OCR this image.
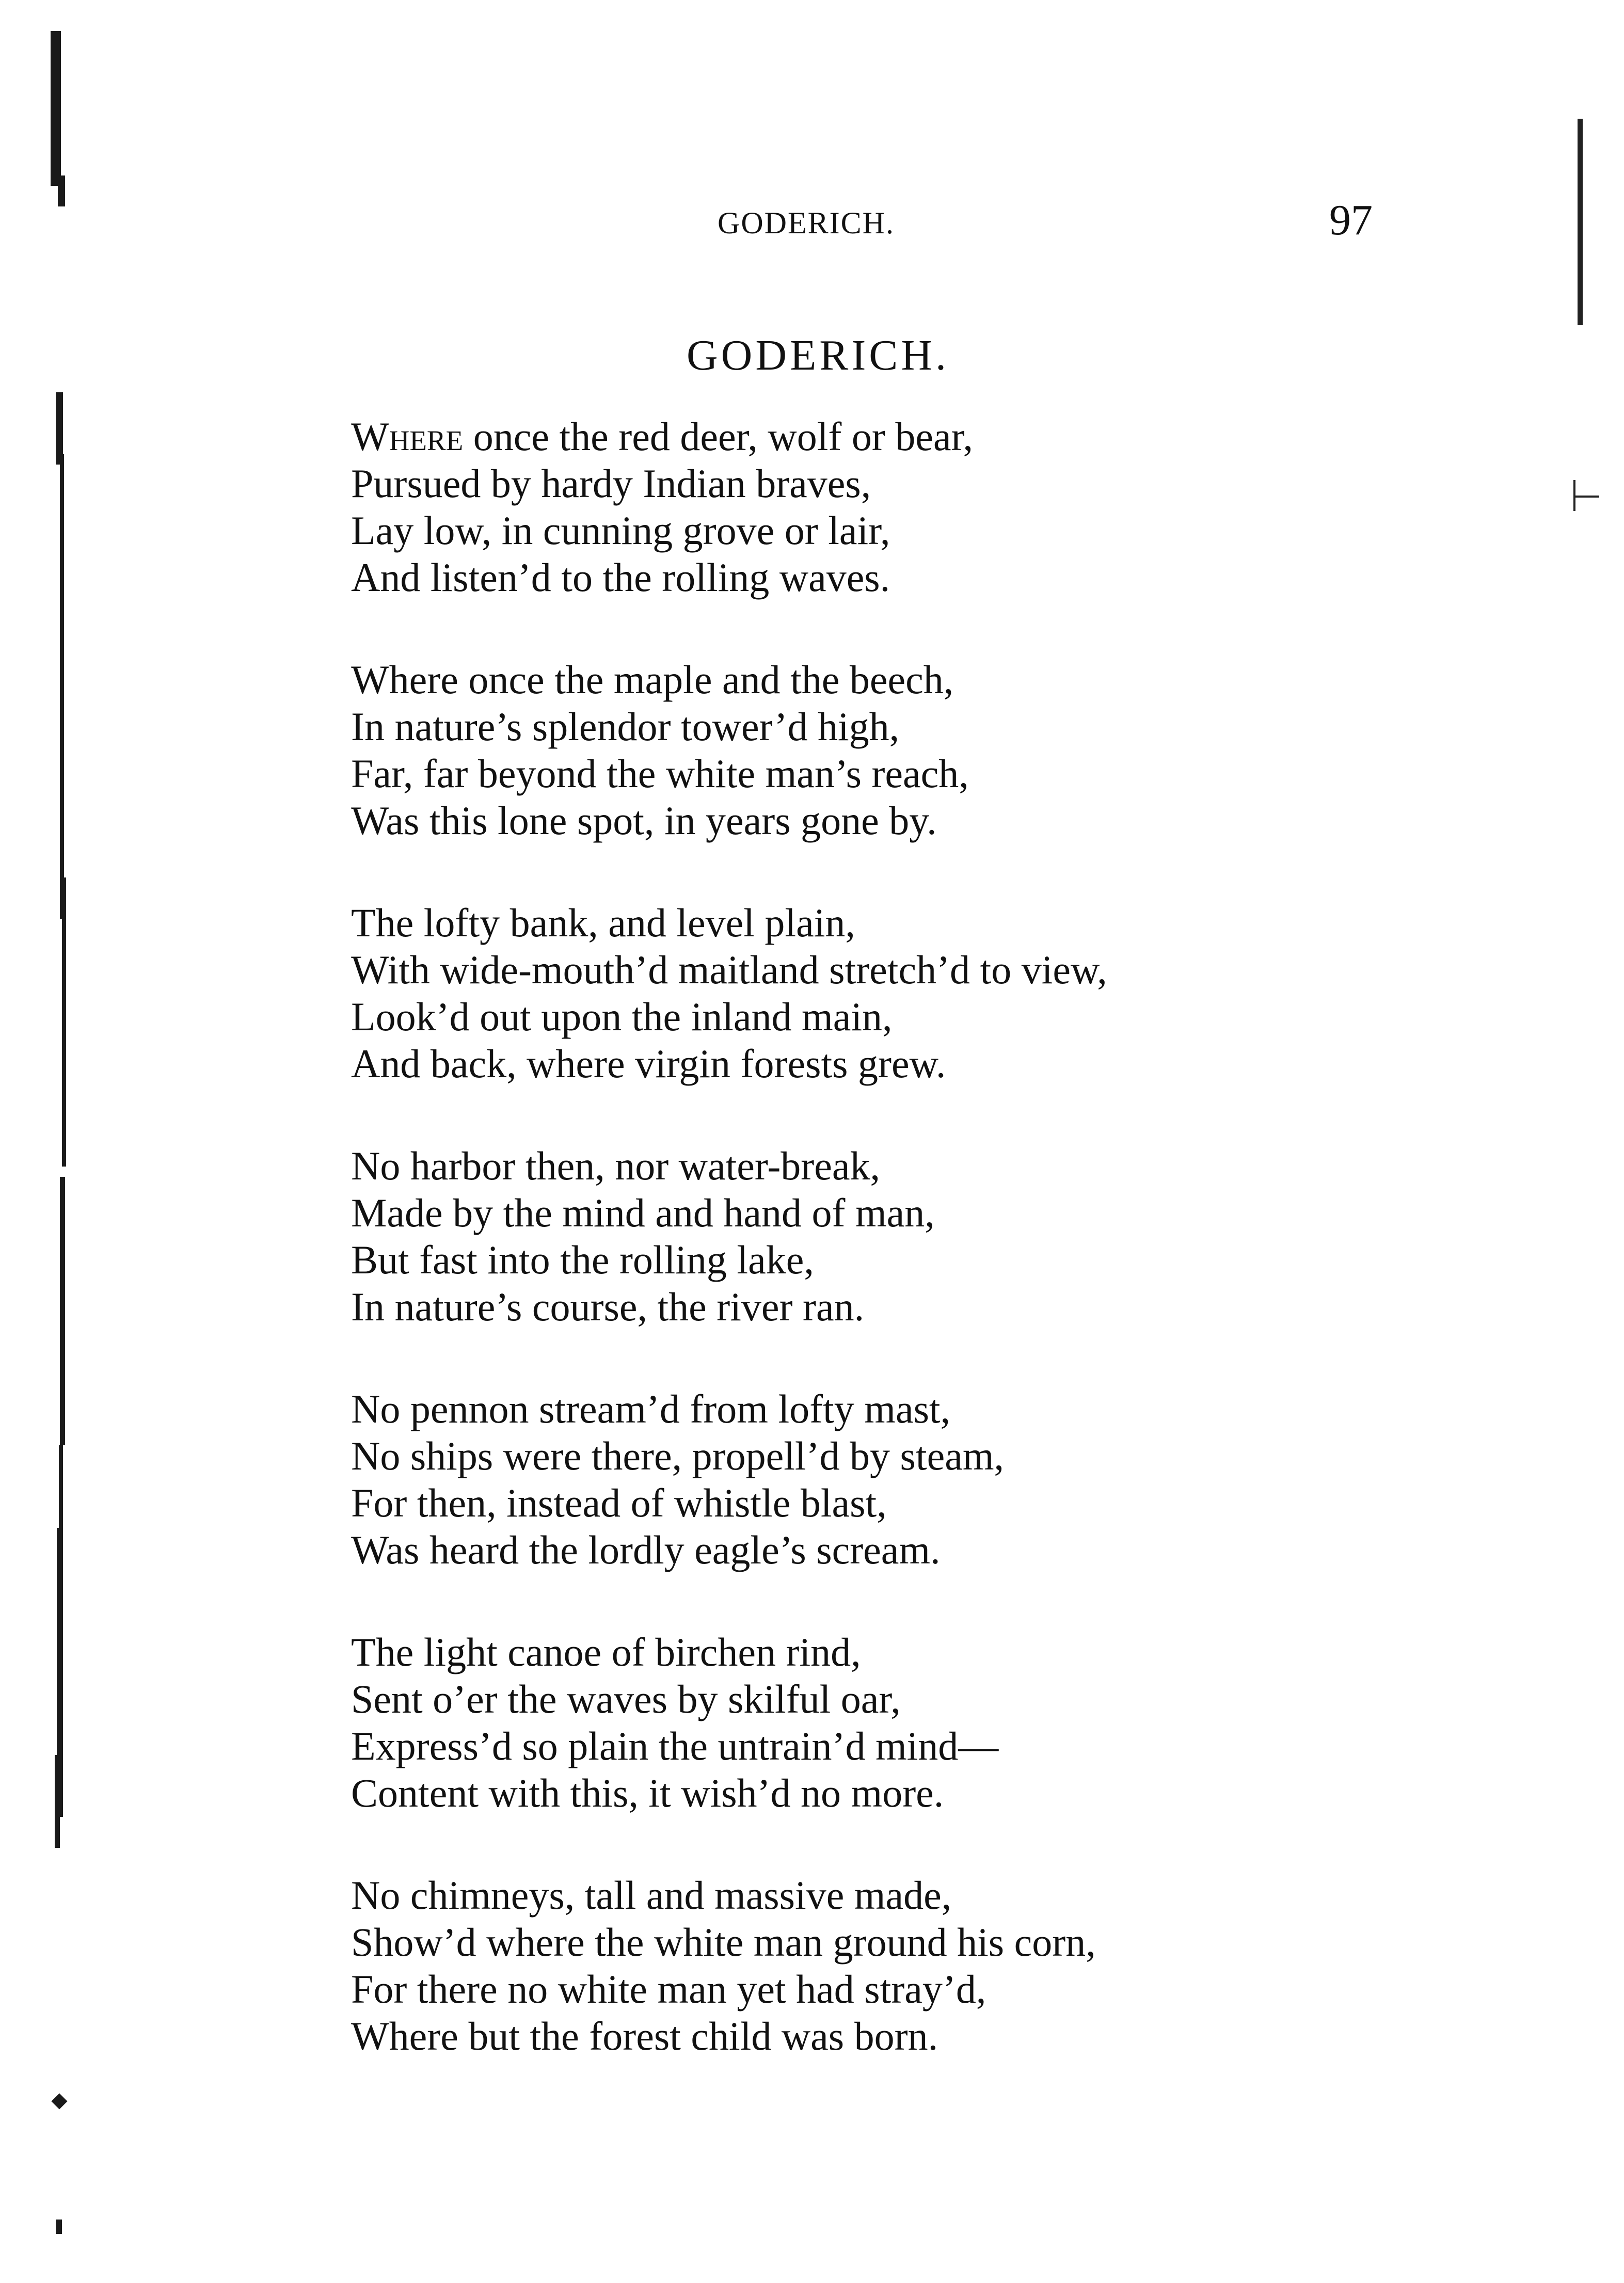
GODERICH.	97
GODERICH.
Where once the red deer, wolf or bear,
Pursued by hardy Indian braves,
Lay low, in cunning grove or lair,
And listen’d to the rolling waves.
Where once the maple and the beech,
In nature’s splendor tower’d high,
Far, far beyond the white man’s reach,
Was this lone spot, in years gone by.
The lofty bank, and level plain,
With wide-mouth’d maitland stretch’d to view,
Look’d out upon the inland main,
And back, where virgin forests grew.
No harbor then, nor water-break,
Made by the mind and hand of man,
But fast into the rolling lake,
In nature’s course, the river ran.
No pennon stream’d from lofty mast,
No ships were there, propell’d by steam,
For then, instead of whistle blast,
Was heard the lordly eagle’s scream.
The light canoe of birchen rind,
Sent o’er the waves by skilful oar,
Express’d so plain the untrain’d mind—
Content with this, it wish’d no more.
No chimneys, tall and massive made,
Show’d where the white man ground his corn,
For there no white man yet had stray’d,
Where but the forest child was born.
